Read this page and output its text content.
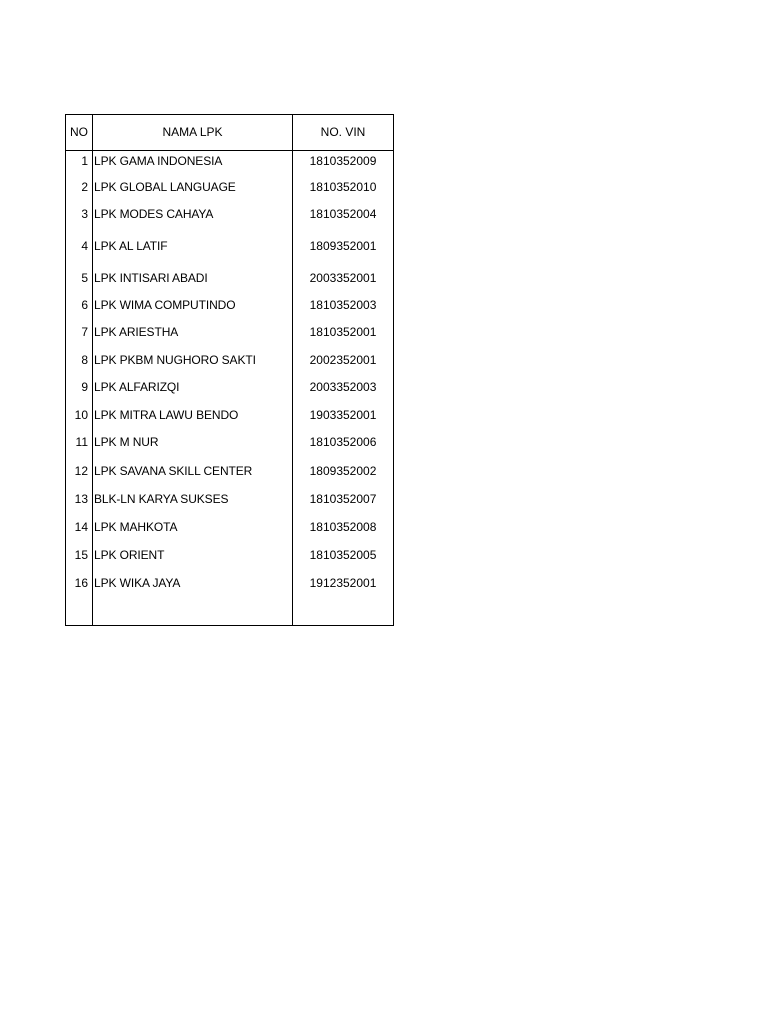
NO	NAMA LPK	NO. VIN
1 LPK GAMA INDONESIA	1810352009
2 LPK GLOBAL LANGUAGE	1810352010
3 LPK MODES CAHAYA	1810352004
4 LPK AL LATIF	1809352001
5 LPK INTISARI ABADI	2003352001
6 LPK WIMA COMPUTINDO	1810352003
7 LPK ARIESTHA	1810352001
8 LPK PKBM NUGHORO SAKTI	2002352001
9 LPK ALFARIZQI	2003352003
10 LPK MITRA LAWU BENDO	1903352001
11 LPK M NUR	1810352006
12 LPK SAVANA SKILL CENTER	1809352002
13 BLK-LN KARYA SUKSES	1810352007
14 LPK MAHKOTA	1810352008
15 LPK ORIENT	1810352005
16 LPK WIKA JAYA	1912352001
